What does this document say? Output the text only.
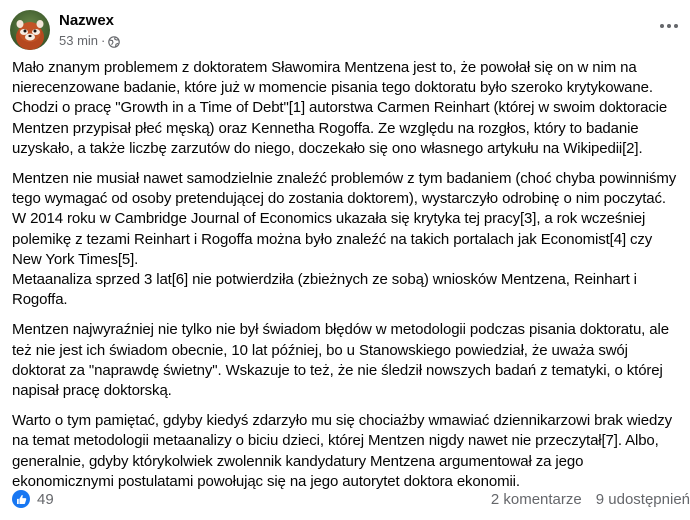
Nazwex
53 min ·

Mało znanym problemem z doktoratem Sławomira Mentzena jest to, że powołał się on w nim na nierecenzowane badanie, które już w momencie pisania tego doktoratu było szeroko krytykowane. Chodzi o pracę "Growth in a Time of Debt"[1] autorstwa Carmen Reinhart (której w swoim doktoracie Mentzen przypisał płeć męską) oraz Kennetha Rogoffa. Ze względu na rozgłos, który to badanie uzyskało, a także liczbę zarzutów do niego, doczekało się ono własnego artykułu na Wikipedii[2].

Mentzen nie musiał nawet samodzielnie znaleźć problemów z tym badaniem (choć chyba powinniśmy tego wymagać od osoby pretendującej do zostania doktorem), wystarczyło odrobinę o nim poczytać. W 2014 roku w Cambridge Journal of Economics ukazała się krytyka tej pracy[3], a rok wcześniej polemikę z tezami Reinhart i Rogoffa można było znaleźć na takich portalach jak Economist[4] czy New York Times[5].
Metaanaliza sprzed 3 lat[6] nie potwierdziła (zbieżnych ze sobą) wniosków Mentzena, Reinhart i Rogoffa.

Mentzen najwyraźniej nie tylko nie był świadom błędów w metodologii podczas pisania doktoratu, ale też nie jest ich świadom obecnie, 10 lat później, bo u Stanowskiego powiedział, że uważa swój doktorat za "naprawdę świetny". Wskazuje to też, że nie śledził nowszych badań z tematyki, o której napisał pracę doktorską.

Warto o tym pamiętać, gdyby kiedyś zdarzyło mu się chociażby wmawiać dziennikarzowi brak wiedzy na temat metodologii metaanalizy o biciu dzieci, której Mentzen nigdy nawet nie przeczytał[7]. Albo, generalnie, gdyby którykolwiek zwolennik kandydatury Mentzena argumentował za jego ekonomicznymi postulatami powołując się na jego autorytet doktora ekonomii.

49	2 komentarze 9 udostępnień
